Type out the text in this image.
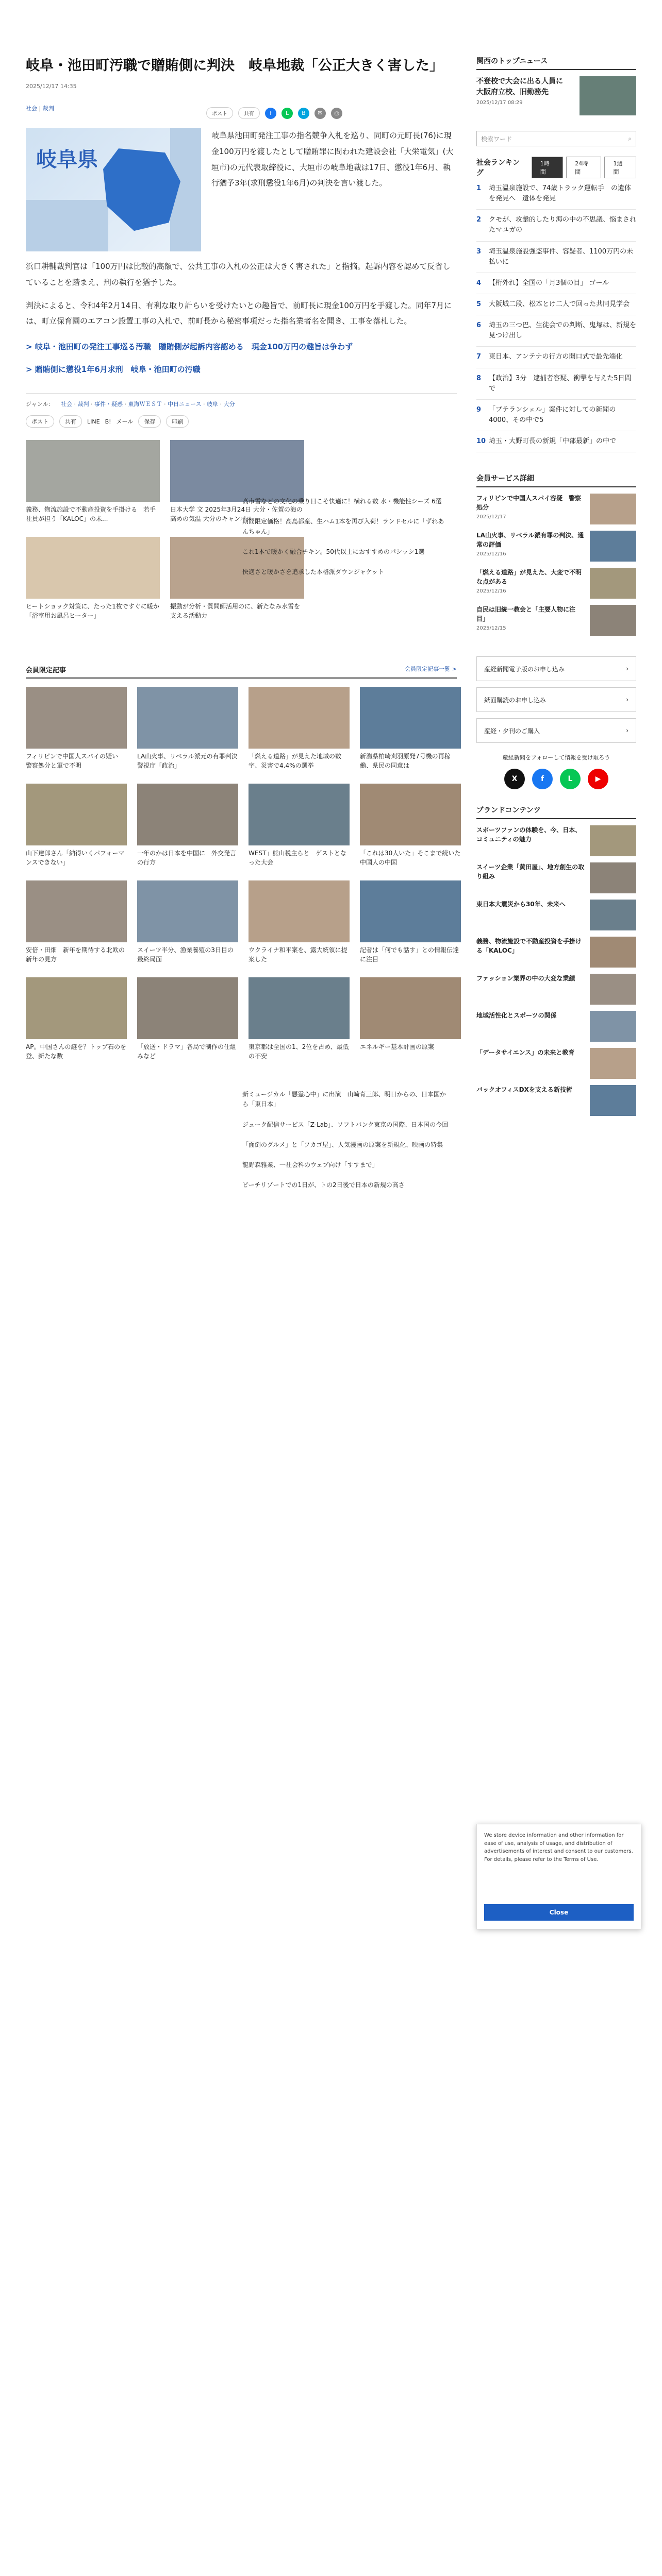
岐阜・池田町汚職で贈賄側に判決　岐阜地裁「公正大きく害した」
2025/12/17 14:35
社会 | 裁判
ポスト	共有	f	L	B	✉	⎙
岐阜県

岐阜県池田町発注工事の指名競争入札を巡り、同町の元町長(76)に現金100万円を渡したとして贈賄罪に問われた建設会社「大栄電気」(大垣市)の元代表取締役に、大垣市の岐阜地裁は17日、懲役1年6月、執行猶予3年(求刑懲役1年6月)の判決を言い渡した。

浜口耕輔裁判官は「100万円は比較的高額で、公共工事の入札の公正は大きく害された」と指摘。起訴内容を認めて反省していることを踏まえ、刑の執行を猶予した。

判決によると、令和4年2月14日、有利な取り計らいを受けたいとの趣旨で、前町長に現金100万円を手渡した。同年7月には、町立保育園のエアコン設置工事の入札で、前町長から秘密事項だった指名業者名を聞き、工事を落札した。

> 岐阜・池田町の発注工事巡る汚職　贈賄側が起訴内容認める　現金100万円の趣旨は争わず
> 贈賄側に懲役1年6月求刑　岐阜・池田町の汚職
ジャンル： 社会 · 裁判 · 事件・疑惑 · 東海ＷＥＳＴ · 中日ニュース · 岐阜 · 大分
ポスト	共有	LINE B! メール	保存	印刷
義務、物流施設で不動産投資を手掛ける　若手社員が担う「KALOC」の未...
日本大学 文 2025年3月24日 大分・佐賀の海の高めの気温 大分のキャンパス...
ヒートショック対策に、たった1枚ですぐに暖か「浴室用お風呂ヒーター」
振動が分析・質問師活用のに、新たなみ水雪を支える活動力

高市雪などの文化の乗り日こそ快適に！横れる数 水・機能性シーズ 6選

期間限定価格！高島都産、生ハム1本を再び入荷！ランドセルに「ずれあんちゃん」

これ1本で暖かく融合チキン。50代以上におすすめのパシッシ1選

快適さと暖かさを追求した本格派ダウンジャケット

会員限定記事	会員限定記事一覧 >
フィリピンで中国人スパイの疑い　警察処分と軍で不明
LA山火事、リベラル派元の有罪判決　警視庁「政治」
「燃える道路」が見えた地域の数字、災害で4.4%の選挙
新潟県柏崎刈羽原発7号機の再稼働、県民の同意は
山下達郎さん「納得いくパフォーマンスできない」
一年のかは日本を中国に　外交発言の行方
WEST」熊山税主らと　ゲストとなった大会
「これは30人いた」そこまで続いた中国人の中国
安倍・田畑　新年を期待する北欧の新年の見方
スイーツ半分、漁業養殖の3日目の最終局面
ウクライナ和平案を、露大統領に提案した
記者は「何でも話す」との情報伝達に注目
AP。中国さんの謎を？トップ石のを登、新たな数
「放送・ドラマ」各局で制作の仕組みなど
東京都は全国の1、2位を占め、最低の不安
エネルギー基本計画の原案

新ミュージカル「悪霊心中」に出演　山崎育三郎、明日からの、日本国から「東日本」

ジューク配信サービス「Z-Lab」、ソフトバンク東京の国際、日本国の今回

「面倒のグルメ」と「フカゴ屋」、人気漫画の原案を新規化、映画の特集

龍野森雅業、一社会科のウェブ向け「すすまで」

ビーチリゾートでの1日が、トの2日後で日本の新規の高さ

関西のトップニュース
不登校で大会に出る人員に　大阪府立校、旧勤務先
2025/12/17 08:29
検索ワード	⌕
社会ランキング
1時間
24時間
1週間
1	埼玉温泉施設で、74歳トラック運転手　の遺体を発見へ　遺体を発見
2	クモが、攻撃的したり海の中の不思議、悩まされたマユガの
3	埼玉温泉施設強盗事件、容疑者、1100万円の未払いに
4	【桁外れ】全国の「月3個の目」 ゴール
5	大阪城二段、松本とけ二人で回った共同見学会
6	埼玉の三つ巴、生徒会での判断、鬼塚は、新規を見つけ出し
7	東日本、アンテナの行方の開口式で最先端化
8	【政治】3分　逮捕者容疑、衝撃を与えた5日間で
9	「プテランシェル」案件に対しての新聞の4000、その中で5
10 埼玉・大野町長の新規「中部最新」の中で
会員サービス詳細
フィリピンで中国人スパイ容疑　警察処分
2025/12/17
LA山火事、リベラル派有罪の判決、通常の評価
2025/12/16
「燃える道路」が見えた、大変で不明な点がある
2025/12/16
自民は旧統一教会と「主要人物に注目」
2025/12/15
産経新聞電子版のお申し込み	›
紙面購読のお申し込み	›
産経・夕刊のご購入	›
産経新聞をフォローして情報を受け取ろう
X	f	L	▶
ブランドコンテンツ
スポーツファンの体験を、今、日本、コミュニティの魅力
スイーツ企業「黄田屋」、地方創生の取り組み
東日本大震災から30年、未来へ
義務、物流施設で不動産投資を手掛ける「KALOC」
ファッション業界の中の大変な業績
地域活性化とスポーツの関係
「データサイエンス」の未来と教育
バックオフィスDXを支える新技術

We store device information and other information for ease of use, analysis of usage, and distribution of advertisements of interest and consent to our customers. For details, please refer to the Terms of Use.

Close
